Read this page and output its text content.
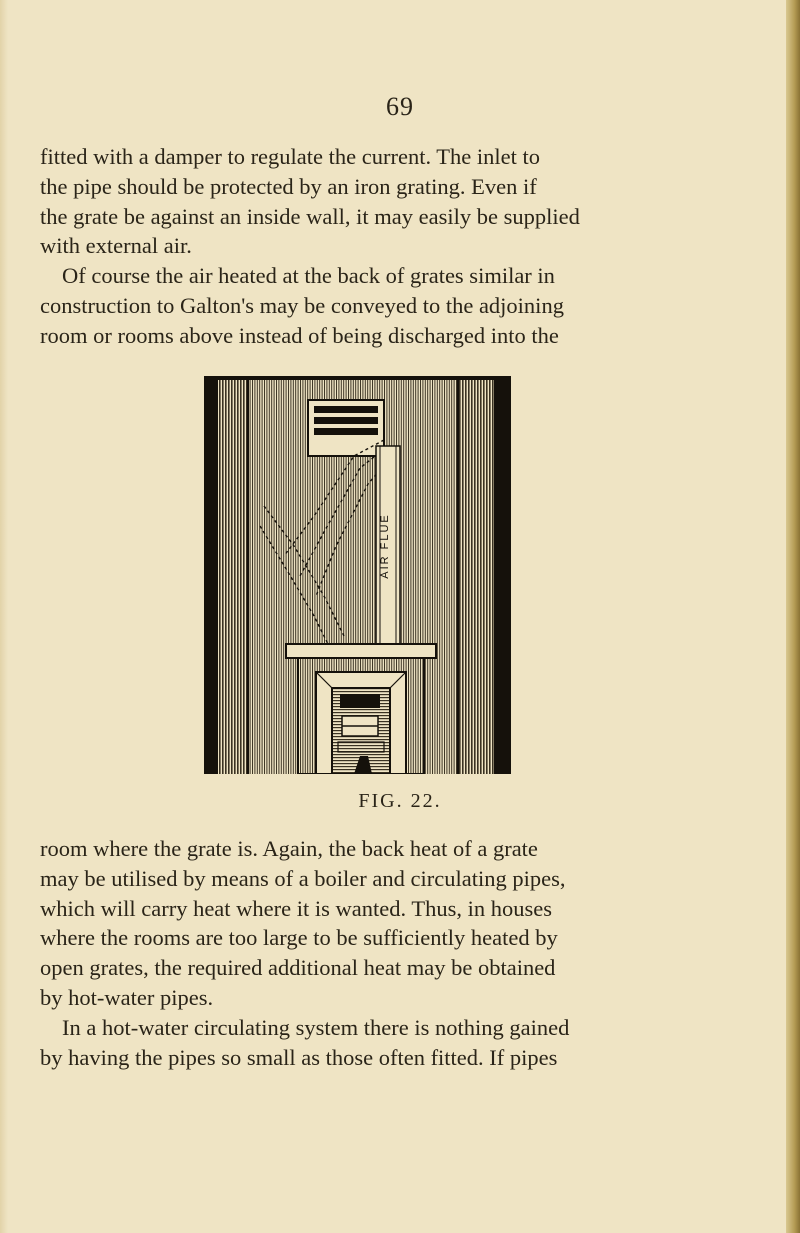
69

fitted with a damper to regulate the current. The inlet to
the pipe should be protected by an iron grating. Even if
the grate be against an inside wall, it may easily be supplied
with external air.

Of course the air heated at the back of grates similar in
construction to Galton's may be conveyed to the adjoining
room or rooms above instead of being discharged into the

AIR FLUE
FIG. 22.

room where the grate is. Again, the back heat of a grate
may be utilised by means of a boiler and circulating pipes,
which will carry heat where it is wanted. Thus, in houses
where the rooms are too large to be sufficiently heated by
open grates, the required additional heat may be obtained
by hot-water pipes.

In a hot-water circulating system there is nothing gained
by having the pipes so small as those often fitted. If pipes
